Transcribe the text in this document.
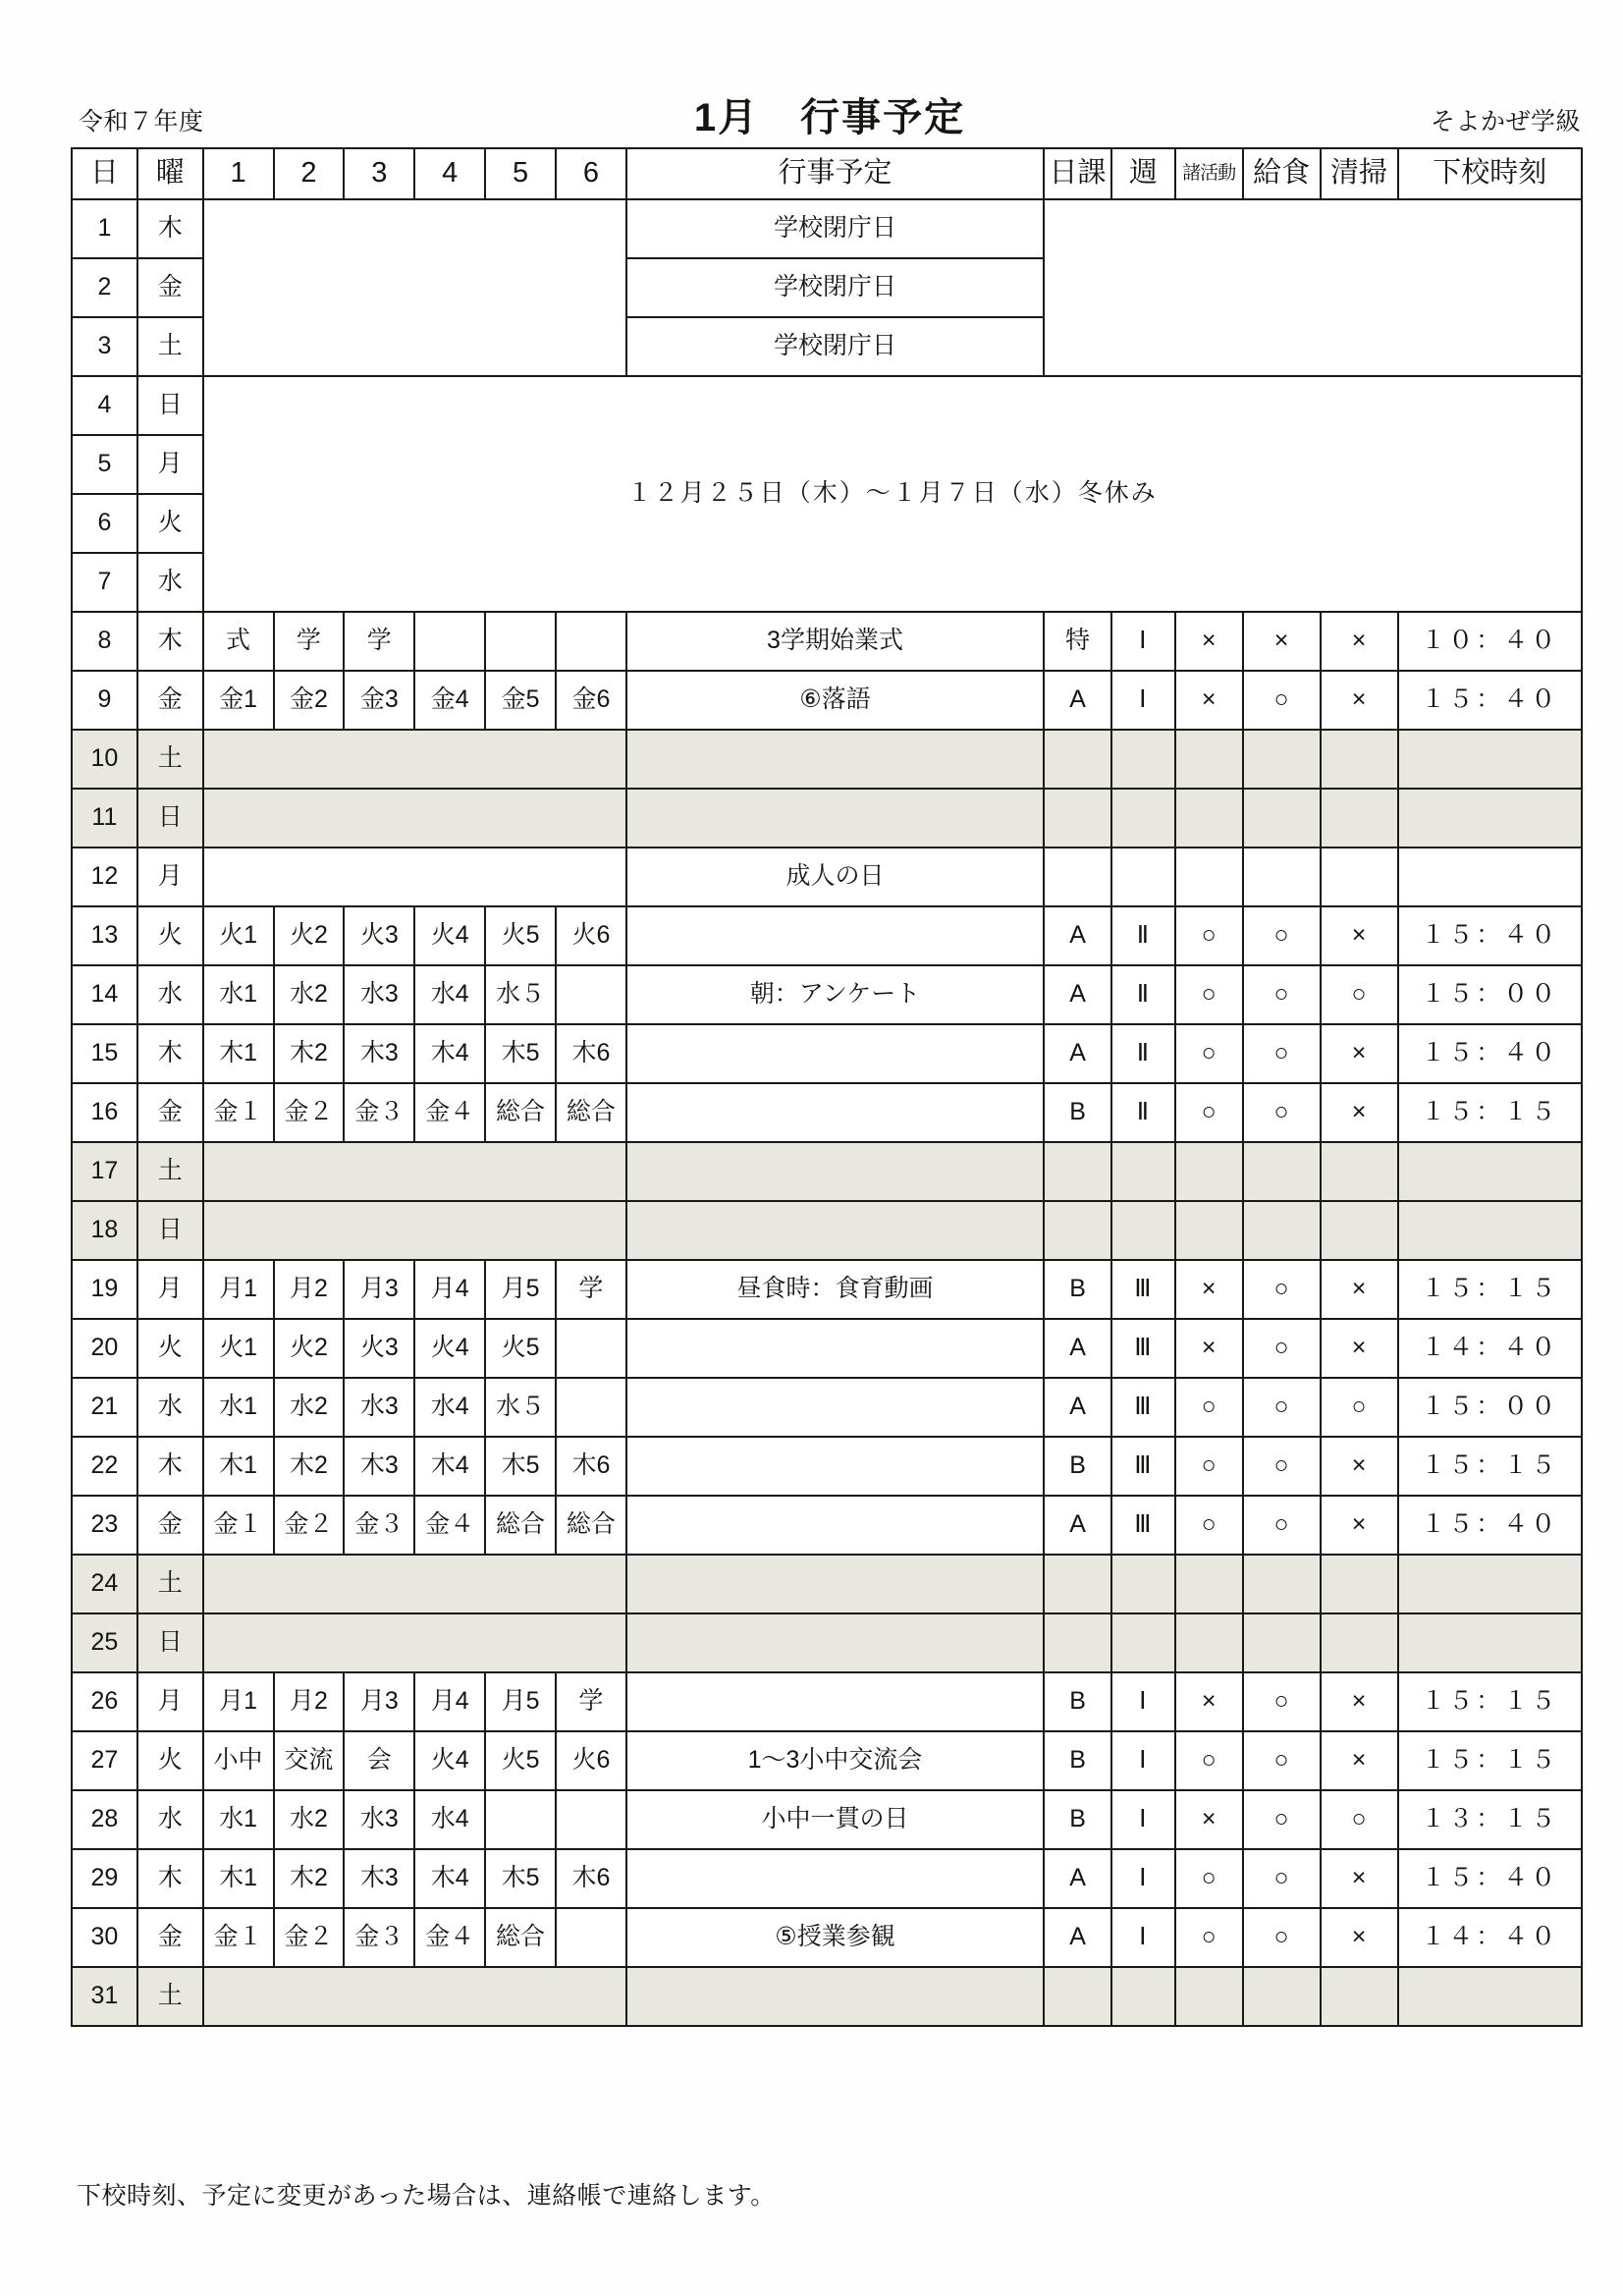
令和７年度	1月　行事予定	そよかぜ学級
日	曜	1	2	3	4	5	6	行事予定	日課	週	諸活動	給食	清掃	下校時刻
1	木							学校閉庁日						
2	金							学校閉庁日						
3	土							学校閉庁日						
4	日	１２月２５日（木）～１月７日（水）冬休み												
5	月													
6	火													
7	水													
8	木	式	学	学				3学期始業式	特	Ⅰ	×	×	×	１０：４０
9	金	金1	金2	金3	金4	金5	金6	⑥落語	A	Ⅰ	×	○	×	１５：４０
10	土													
11	日													
12	月							成人の日						
13	火	火1	火2	火3	火4	火5	火6		A	Ⅱ	○	○	×	１５：４０
14	水	水1	水2	水3	水4	水５		朝：アンケート	A	Ⅱ	○	○	○	１５：００
15	木	木1	木2	木3	木4	木5	木6		A	Ⅱ	○	○	×	１５：４０
16	金	金１	金２	金３	金４	総合	総合		B	Ⅱ	○	○	×	１５：１５
17	土													
18	日													
19	月	月1	月2	月3	月4	月5	学	昼食時：食育動画	B	Ⅲ	×	○	×	１５：１５
20	火	火1	火2	火3	火4	火5			A	Ⅲ	×	○	×	１４：４０
21	水	水1	水2	水3	水4	水５			A	Ⅲ	○	○	○	１５：００
22	木	木1	木2	木3	木4	木5	木6		B	Ⅲ	○	○	×	１５：１５
23	金	金１	金２	金３	金４	総合	総合		A	Ⅲ	○	○	×	１５：４０
24	土													
25	日													
26	月	月1	月2	月3	月4	月5	学		B	Ⅰ	×	○	×	１５：１５
27	火	小中	交流	会	火4	火5	火6	1～3小中交流会	B	Ⅰ	○	○	×	１５：１５
28	水	水1	水2	水3	水4			小中一貫の日	B	Ⅰ	×	○	○	１３：１５
29	木	木1	木2	木3	木4	木5	木6		A	Ⅰ	○	○	×	１５：４０
30	金	金１	金２	金３	金４	総合		⑤授業参観	A	Ⅰ	○	○	×	１４：４０
31	土													
下校時刻、予定に変更があった場合は、連絡帳で連絡します。
